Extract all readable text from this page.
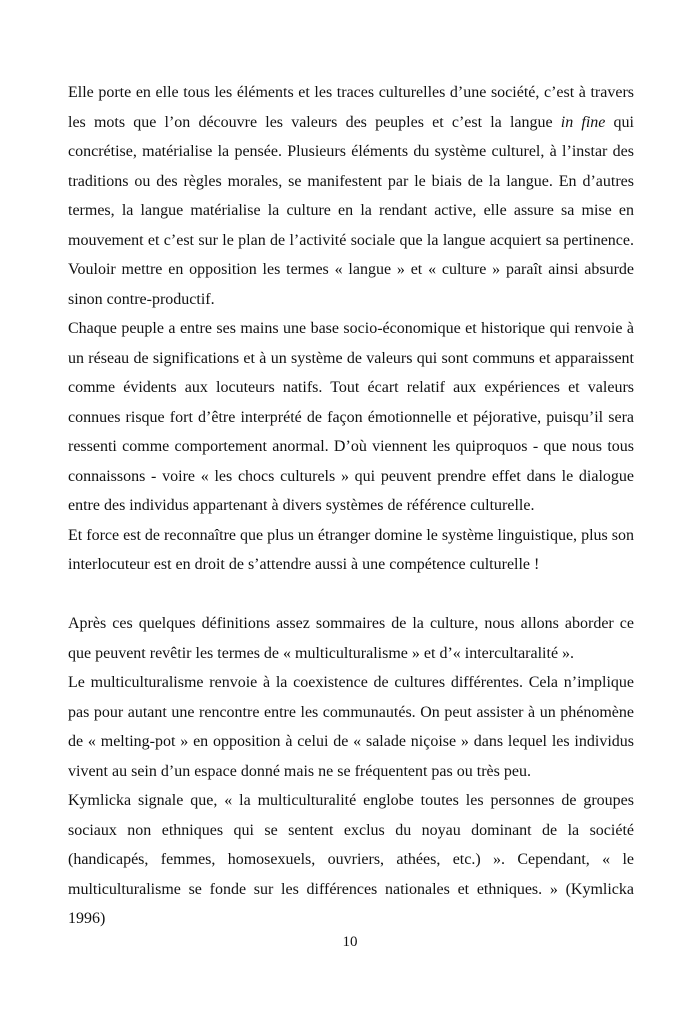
Elle porte en elle tous les éléments et les traces culturelles d’une société, c’est à travers les mots que l’on découvre les valeurs des peuples et c’est la langue in fine qui concrétise, matérialise la pensée. Plusieurs éléments du système culturel, à l’instar des traditions ou des règles morales, se manifestent par le biais de la langue. En d’autres termes, la langue matérialise la culture en la rendant active, elle assure sa mise en mouvement et c’est sur le plan de l’activité sociale que la langue acquiert sa pertinence. Vouloir mettre en opposition les termes « langue » et « culture » paraît ainsi absurde sinon contre-productif.

Chaque peuple a entre ses mains une base socio-économique et historique qui renvoie à un réseau de significations et à un système de valeurs qui sont communs et apparaissent comme évidents aux locuteurs natifs. Tout écart relatif aux expériences et valeurs connues risque fort d’être interprété de façon émotionnelle et péjorative, puisqu’il sera ressenti comme comportement anormal. D’où viennent les quiproquos - que nous tous connaissons - voire « les chocs culturels » qui peuvent prendre effet dans le dialogue entre des individus appartenant à divers systèmes de référence culturelle.

Et force est de reconnaître que plus un étranger domine le système linguistique, plus son interlocuteur est en droit de s’attendre aussi à une compétence culturelle !

Après ces quelques définitions assez sommaires de la culture, nous allons aborder ce que peuvent revêtir les termes de « multiculturalisme » et d’« intercultaralité ».

Le multiculturalisme renvoie à la coexistence de cultures différentes. Cela n’implique pas pour autant une rencontre entre les communautés. On peut assister à un phénomène de « melting-pot » en opposition à celui de « salade niçoise » dans lequel les individus vivent au sein d’un espace donné mais ne se fréquentent pas ou très peu.

Kymlicka signale que, « la multiculturalité englobe toutes les personnes de groupes sociaux non ethniques qui se sentent exclus du noyau dominant de la société (handicapés, femmes, homosexuels, ouvriers, athées, etc.) ». Cependant, « le multiculturalisme se fonde sur les différences nationales et ethniques. » (Kymlicka 1996)

10
